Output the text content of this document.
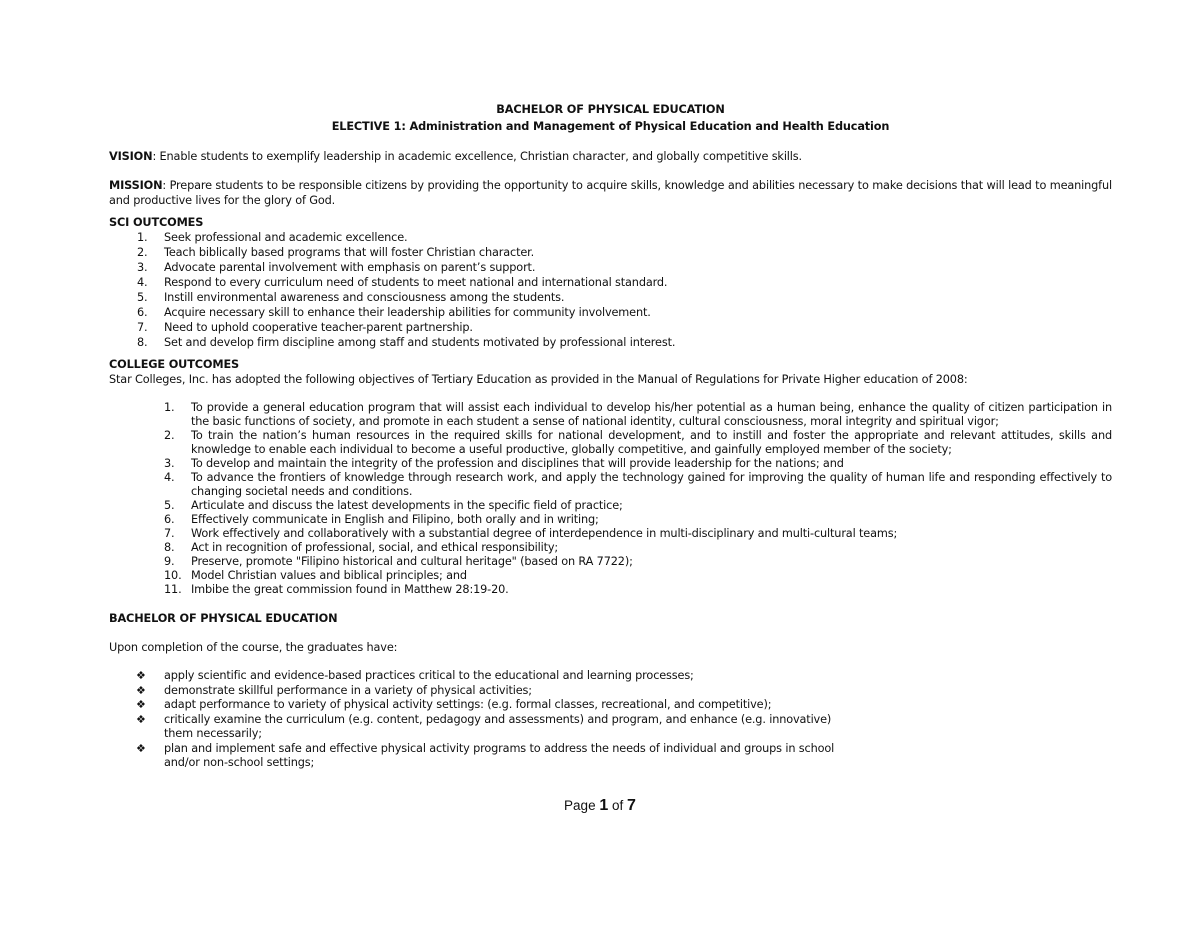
BACHELOR OF PHYSICAL EDUCATION
ELECTIVE 1: Administration and Management of Physical Education and Health Education

VISION: Enable students to exemplify leadership in academic excellence, Christian character, and globally competitive skills.

MISSION: Prepare students to be responsible citizens by providing the opportunity to acquire skills, knowledge and abilities necessary to make decisions that will lead to meaningful and productive lives for the glory of God.

SCI OUTCOMES
1. Seek professional and academic excellence.
2. Teach biblically based programs that will foster Christian character.
3. Advocate parental involvement with emphasis on parent’s support.
4. Respond to every curriculum need of students to meet national and international standard.
5. Instill environmental awareness and consciousness among the students.
6. Acquire necessary skill to enhance their leadership abilities for community involvement.
7. Need to uphold cooperative teacher-parent partnership.
8. Set and develop firm discipline among staff and students motivated by professional interest.
COLLEGE OUTCOMES

Star Colleges, Inc. has adopted the following objectives of Tertiary Education as provided in the Manual of Regulations for Private Higher education of 2008:

1. To provide a general education program that will assist each individual to develop his/her potential as a human being, enhance the quality of citizen participation in the basic functions of society, and promote in each student a sense of national identity, cultural consciousness, moral integrity and spiritual vigor;
2. To train the nation’s human resources in the required skills for national development, and to instill and foster the appropriate and relevant attitudes, skills and knowledge to enable each individual to become a useful productive, globally competitive, and gainfully employed member of the society;
3. To develop and maintain the integrity of the profession and disciplines that will provide leadership for the nations; and
4. To advance the frontiers of knowledge through research work, and apply the technology gained for improving the quality of human life and responding effectively to changing societal needs and conditions.
5. Articulate and discuss the latest developments in the specific field of practice;
6. Effectively communicate in English and Filipino, both orally and in writing;
7. Work effectively and collaboratively with a substantial degree of interdependence in multi-disciplinary and multi-cultural teams;
8. Act in recognition of professional, social, and ethical responsibility;
9. Preserve, promote "Filipino historical and cultural heritage" (based on RA 7722);
10. Model Christian values and biblical principles; and
11. Imbibe the great commission found in Matthew 28:19-20.
BACHELOR OF PHYSICAL EDUCATION

Upon completion of the course, the graduates have:

❖ apply scientific and evidence-based practices critical to the educational and learning processes;
❖ demonstrate skillful performance in a variety of physical activities;
❖ adapt performance to variety of physical activity settings: (e.g. formal classes, recreational, and competitive);
❖ critically examine the curriculum (e.g. content, pedagogy and assessments) and program, and enhance (e.g. innovative) them necessarily;
❖ plan and implement safe and effective physical activity programs to address the needs of individual and groups in school and/or non-school settings;
Page 1 of 7
